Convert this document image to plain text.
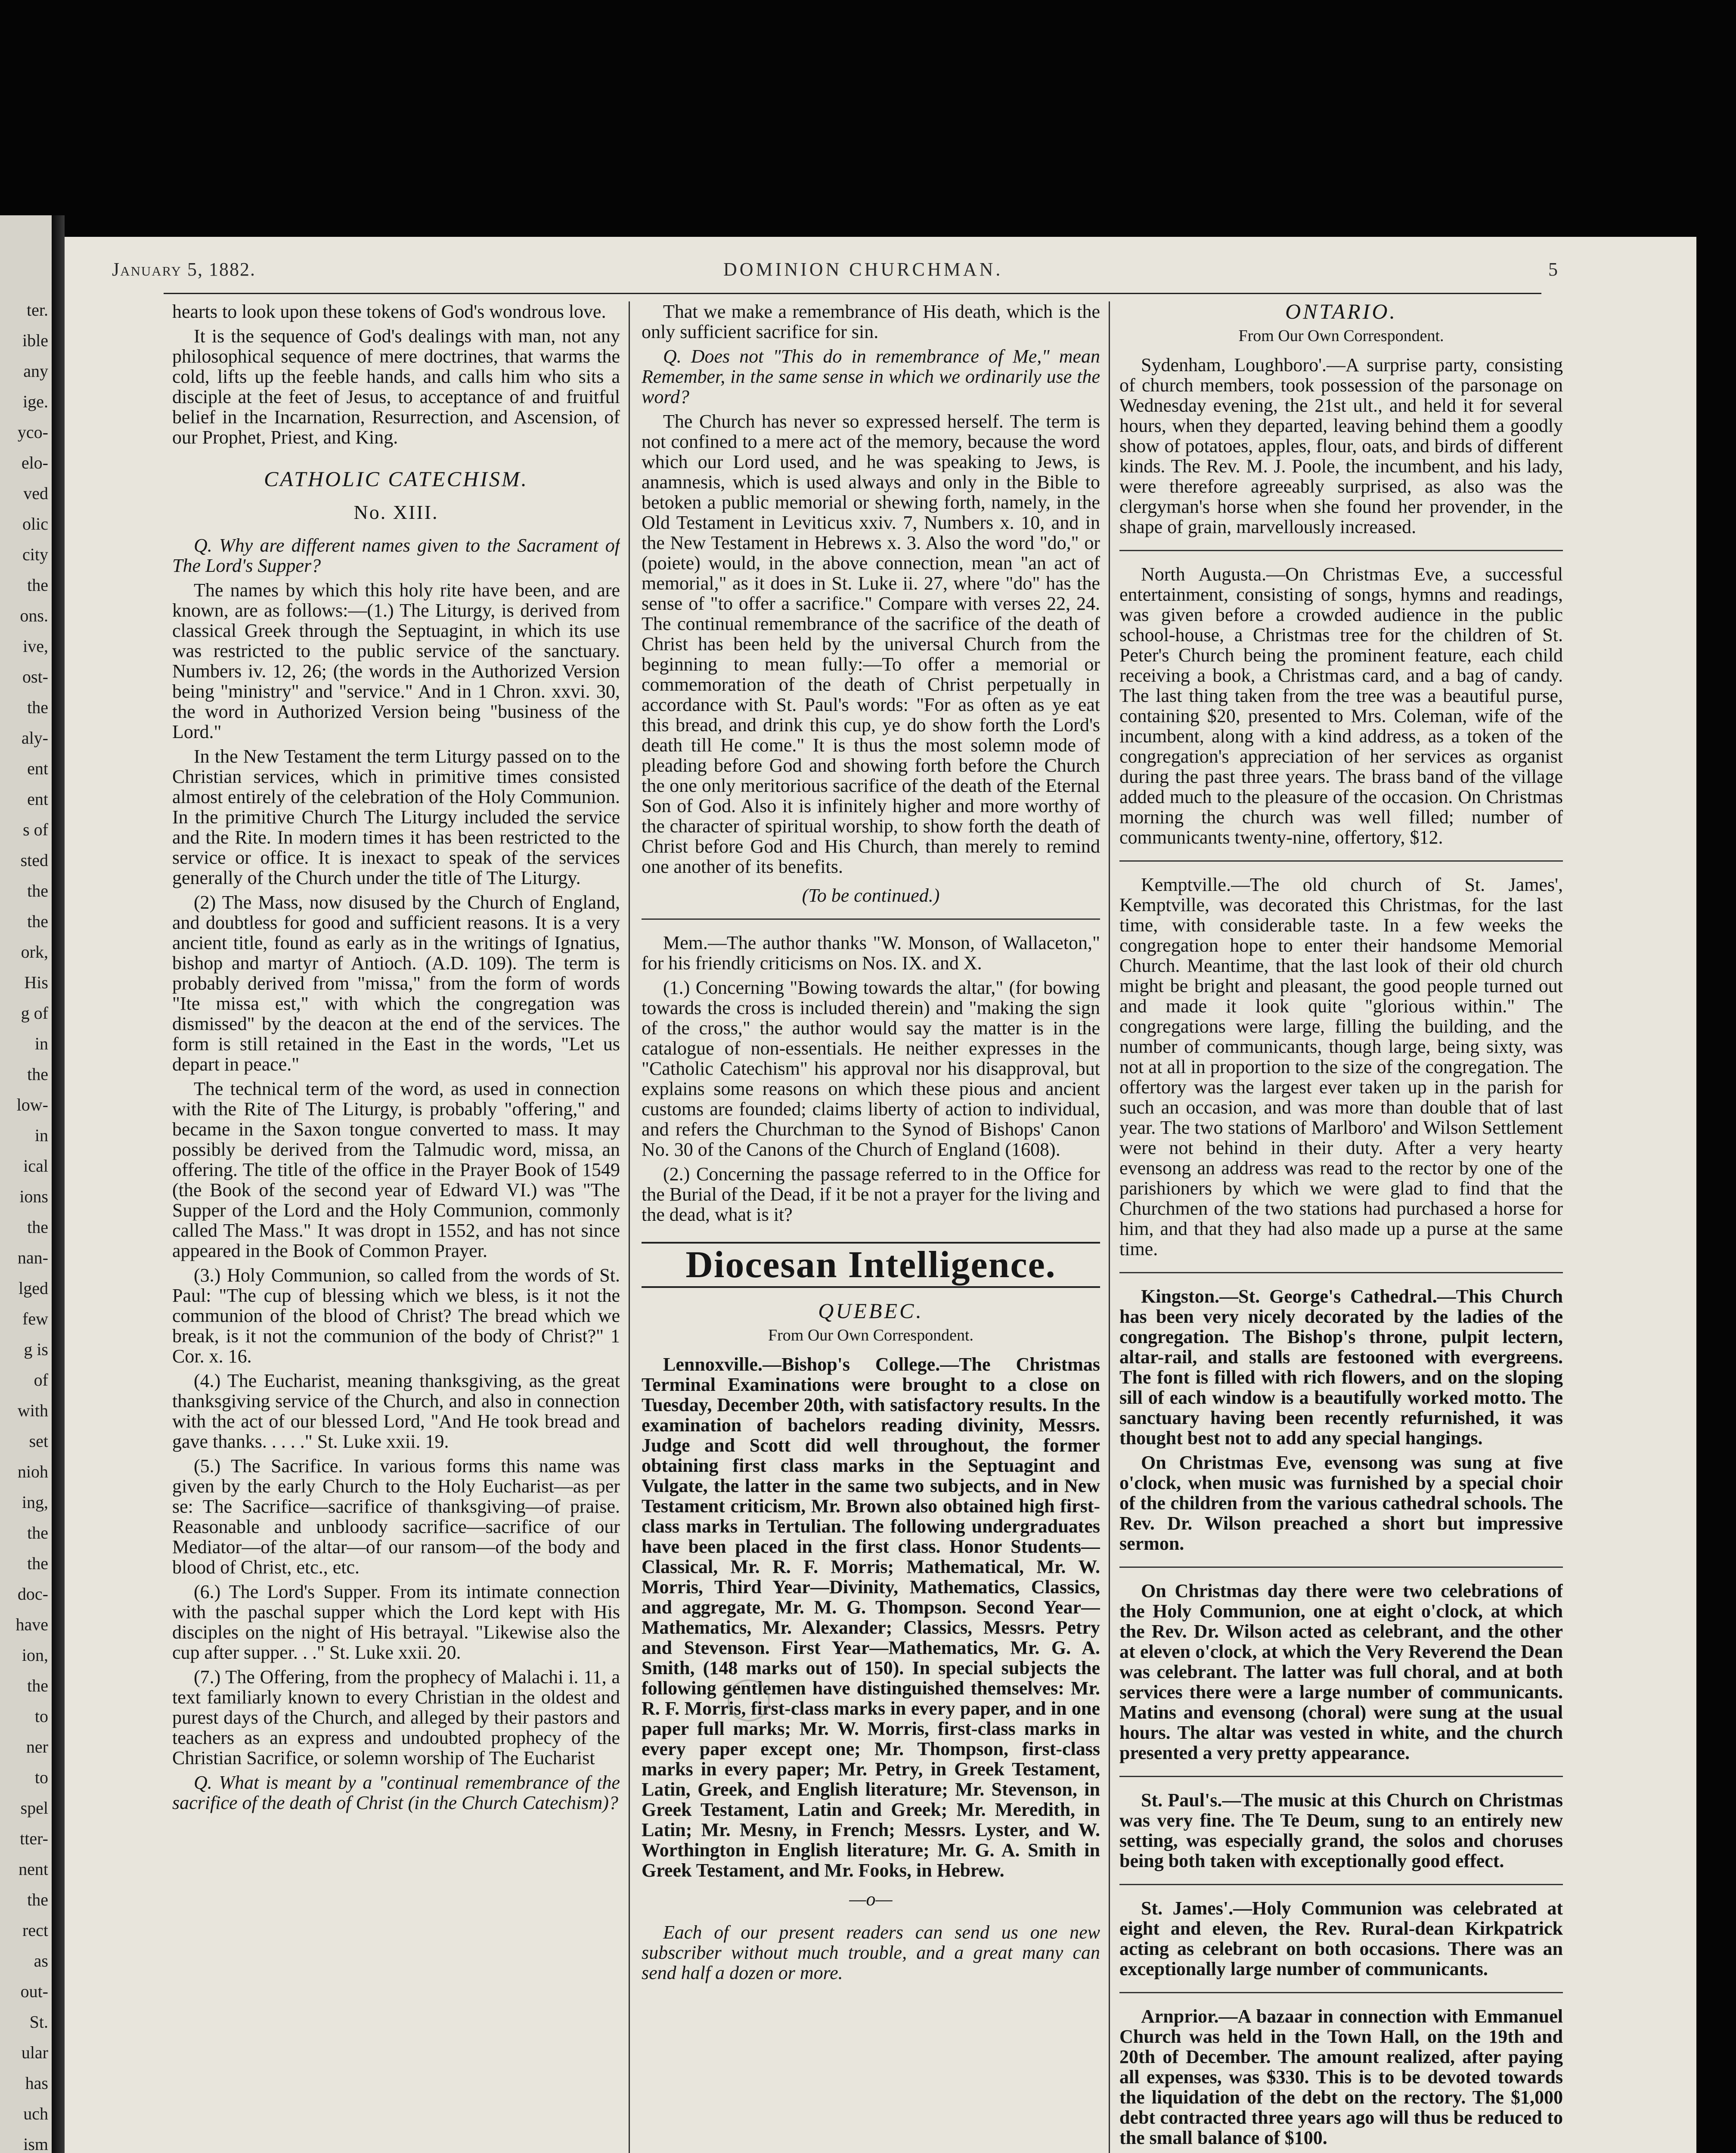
ter.
ible
any
ige.
yco-
elo-
ved
olic
city
the
ons.
ive,
ost-
the
aly-
ent
ent
s of
sted
the
the
ork,
His
g of
in
the
low-
in
ical
ions
the
nan-
lged
few
g is
of
with
set
nioh
ing,
the
the
doc-
have
ion,
the
to
ner
to
spel
tter-
nent
the
rect
as
out-
St.
ular
has
uch
ism
January 5, 1882.	DOMINION CHURCHMAN.	5

hearts to look upon these tokens of God's wondrous love.

It is the sequence of God's dealings with man, not any philosophical sequence of mere doctrines, that warms the cold, lifts up the feeble hands, and calls him who sits a disciple at the feet of Jesus, to acceptance of and fruitful belief in the Incarnation, Resurrection, and Ascension, of our Prophet, Priest, and King.

CATHOLIC CATECHISM.
No. XIII.

Q. Why are different names given to the Sacrament of The Lord's Supper?

The names by which this holy rite have been, and are known, are as follows:—(1.) The Liturgy, is derived from classical Greek through the Septuagint, in which its use was restricted to the public service of the sanctuary. Numbers iv. 12, 26; (the words in the Authorized Version being "ministry" and "service." And in 1 Chron. xxvi. 30, the word in Authorized Version being "business of the Lord."

In the New Testament the term Liturgy passed on to the Christian services, which in primitive times consisted almost entirely of the celebration of the Holy Communion. In the primitive Church The Liturgy included the service and the Rite. In modern times it has been restricted to the service or office. It is inexact to speak of the services generally of the Church under the title of The Liturgy.

(2) The Mass, now disused by the Church of England, and doubtless for good and sufficient reasons. It is a very ancient title, found as early as in the writings of Ignatius, bishop and martyr of Antioch. (A.D. 109). The term is probably derived from "missa," from the form of words "Ite missa est," with which the congregation was dismissed" by the deacon at the end of the services. The form is still retained in the East in the words, "Let us depart in peace."

The technical term of the word, as used in connection with the Rite of The Liturgy, is probably "offering," and became in the Saxon tongue converted to mass. It may possibly be derived from the Talmudic word, missa, an offering. The title of the office in the Prayer Book of 1549 (the Book of the second year of Edward VI.) was "The Supper of the Lord and the Holy Communion, commonly called The Mass." It was dropt in 1552, and has not since appeared in the Book of Common Prayer.

(3.) Holy Communion, so called from the words of St. Paul: "The cup of blessing which we bless, is it not the communion of the blood of Christ? The bread which we break, is it not the communion of the body of Christ?" 1 Cor. x. 16.

(4.) The Eucharist, meaning thanksgiving, as the great thanksgiving service of the Church, and also in connection with the act of our blessed Lord, "And He took bread and gave thanks. . . . ." St. Luke xxii. 19.

(5.) The Sacrifice. In various forms this name was given by the early Church to the Holy Eucharist—as per se: The Sacrifice—sacrifice of thanksgiving—of praise. Reasonable and unbloody sacrifice—sacrifice of our Mediator—of the altar—of our ransom—of the body and blood of Christ, etc., etc.

(6.) The Lord's Supper. From its intimate connection with the paschal supper which the Lord kept with His disciples on the night of His betrayal. "Likewise also the cup after supper. . ." St. Luke xxii. 20.

(7.) The Offering, from the prophecy of Malachi i. 11, a text familiarly known to every Christian in the oldest and purest days of the Church, and alleged by their pastors and teachers as an express and undoubted prophecy of the Christian Sacrifice, or solemn worship of The Eucharist

Q. What is meant by a "continual remembrance of the sacrifice of the death of Christ (in the Church Catechism)?

That we make a remembrance of His death, which is the only sufficient sacrifice for sin.

Q. Does not "This do in remembrance of Me," mean Remember, in the same sense in which we ordinarily use the word?

The Church has never so expressed herself. The term is not confined to a mere act of the memory, because the word which our Lord used, and he was speaking to Jews, is anamnesis, which is used always and only in the Bible to betoken a public memorial or shewing forth, namely, in the Old Testament in Leviticus xxiv. 7, Numbers x. 10, and in the New Testament in Hebrews x. 3. Also the word "do," or (poiete) would, in the above connection, mean "an act of memorial," as it does in St. Luke ii. 27, where "do" has the sense of "to offer a sacrifice." Compare with verses 22, 24. The continual remembrance of the sacrifice of the death of Christ has been held by the universal Church from the beginning to mean fully:—To offer a memorial or commemoration of the death of Christ perpetually in accordance with St. Paul's words: "For as often as ye eat this bread, and drink this cup, ye do show forth the Lord's death till He come." It is thus the most solemn mode of pleading before God and showing forth before the Church the one only meritorious sacrifice of the death of the Eternal Son of God. Also it is infinitely higher and more worthy of the character of spiritual worship, to show forth the death of Christ before God and His Church, than merely to remind one another of its benefits.

(To be continued.)

Mem.—The author thanks "W. Monson, of Wallaceton," for his friendly criticisms on Nos. IX. and X.

(1.) Concerning "Bowing towards the altar," (for bowing towards the cross is included therein) and "making the sign of the cross," the author would say the matter is in the catalogue of non-essentials. He neither expresses in the "Catholic Catechism" his approval nor his disapproval, but explains some reasons on which these pious and ancient customs are founded; claims liberty of action to individual, and refers the Churchman to the Synod of Bishops' Canon No. 30 of the Canons of the Church of England (1608).

(2.) Concerning the passage referred to in the Office for the Burial of the Dead, if it be not a prayer for the living and the dead, what is it?

Diocesan Intelligence.
QUEBEC.
From Our Own Correspondent.

Lennoxville.—Bishop's College.—The Christmas Terminal Examinations were brought to a close on Tuesday, December 20th, with satisfactory results. In the examination of bachelors reading divinity, Messrs. Judge and Scott did well throughout, the former obtaining first class marks in the Septuagint and Vulgate, the latter in the same two subjects, and in New Testament criticism, Mr. Brown also obtained high first-class marks in Tertulian. The following undergraduates have been placed in the first class. Honor Students—Classical, Mr. R. F. Morris; Mathematical, Mr. W. Morris, Third Year—Divinity, Mathematics, Classics, and aggregate, Mr. M. G. Thompson. Second Year—Mathematics, Mr. Alexander; Classics, Messrs. Petry and Stevenson. First Year—Mathematics, Mr. G. A. Smith, (148 marks out of 150). In special subjects the following gentlemen have distinguished themselves: Mr. R. F. Morris, first-class marks in every paper, and in one paper full marks; Mr. W. Morris, first-class marks in every paper except one; Mr. Thompson, first-class marks in every paper; Mr. Petry, in Greek Testament, Latin, Greek, and English literature; Mr. Stevenson, in Greek Testament, Latin and Greek; Mr. Meredith, in Latin; Mr. Mesny, in French; Messrs. Lyster, and W. Worthington in English literature; Mr. G. A. Smith in Greek Testament, and Mr. Fooks, in Hebrew.

—o—

Each of our present readers can send us one new subscriber without much trouble, and a great many can send half a dozen or more.

ONTARIO.
From Our Own Correspondent.

Sydenham, Loughboro'.—A surprise party, consisting of church members, took possession of the parsonage on Wednesday evening, the 21st ult., and held it for several hours, when they departed, leaving behind them a goodly show of potatoes, apples, flour, oats, and birds of different kinds. The Rev. M. J. Poole, the incumbent, and his lady, were therefore agreeably surprised, as also was the clergyman's horse when she found her provender, in the shape of grain, marvellously increased.

North Augusta.—On Christmas Eve, a successful entertainment, consisting of songs, hymns and readings, was given before a crowded audience in the public school-house, a Christmas tree for the children of St. Peter's Church being the prominent feature, each child receiving a book, a Christmas card, and a bag of candy. The last thing taken from the tree was a beautiful purse, containing $20, presented to Mrs. Coleman, wife of the incumbent, along with a kind address, as a token of the congregation's appreciation of her services as organist during the past three years. The brass band of the village added much to the pleasure of the occasion. On Christmas morning the church was well filled; number of communicants twenty-nine, offertory, $12.

Kemptville.—The old church of St. James', Kemptville, was decorated this Christmas, for the last time, with considerable taste. In a few weeks the congregation hope to enter their handsome Memorial Church. Meantime, that the last look of their old church might be bright and pleasant, the good people turned out and made it look quite "glorious within." The congregations were large, filling the building, and the number of communicants, though large, being sixty, was not at all in proportion to the size of the congregation. The offertory was the largest ever taken up in the parish for such an occasion, and was more than double that of last year. The two stations of Marlboro' and Wilson Settlement were not behind in their duty. After a very hearty evensong an address was read to the rector by one of the parishioners by which we were glad to find that the Churchmen of the two stations had purchased a horse for him, and that they had also made up a purse at the same time.

Kingston.—St. George's Cathedral.—This Church has been very nicely decorated by the ladies of the congregation. The Bishop's throne, pulpit lectern, altar-rail, and stalls are festooned with evergreens. The font is filled with rich flowers, and on the sloping sill of each window is a beautifully worked motto. The sanctuary having been recently refurnished, it was thought best not to add any special hangings.

On Christmas Eve, evensong was sung at five o'clock, when music was furnished by a special choir of the children from the various cathedral schools. The Rev. Dr. Wilson preached a short but impressive sermon.

On Christmas day there were two celebrations of the Holy Communion, one at eight o'clock, at which the Rev. Dr. Wilson acted as celebrant, and the other at eleven o'clock, at which the Very Reverend the Dean was celebrant. The latter was full choral, and at both services there were a large number of communicants. Matins and evensong (choral) were sung at the usual hours. The altar was vested in white, and the church presented a very pretty appearance.

St. Paul's.—The music at this Church on Christmas was very fine. The Te Deum, sung to an entirely new setting, was especially grand, the solos and choruses being both taken with exceptionally good effect.

St. James'.—Holy Communion was celebrated at eight and eleven, the Rev. Rural-dean Kirkpatrick acting as celebrant on both occasions. There was an exceptionally large number of communicants.

Arnprior.—A bazaar in connection with Emmanuel Church was held in the Town Hall, on the 19th and 20th of December. The amount realized, after paying all expenses, was $330. This is to be devoted towards the liquidation of the debt on the rectory. The $1,000 debt contracted three years ago will thus be reduced to the small balance of $100.
